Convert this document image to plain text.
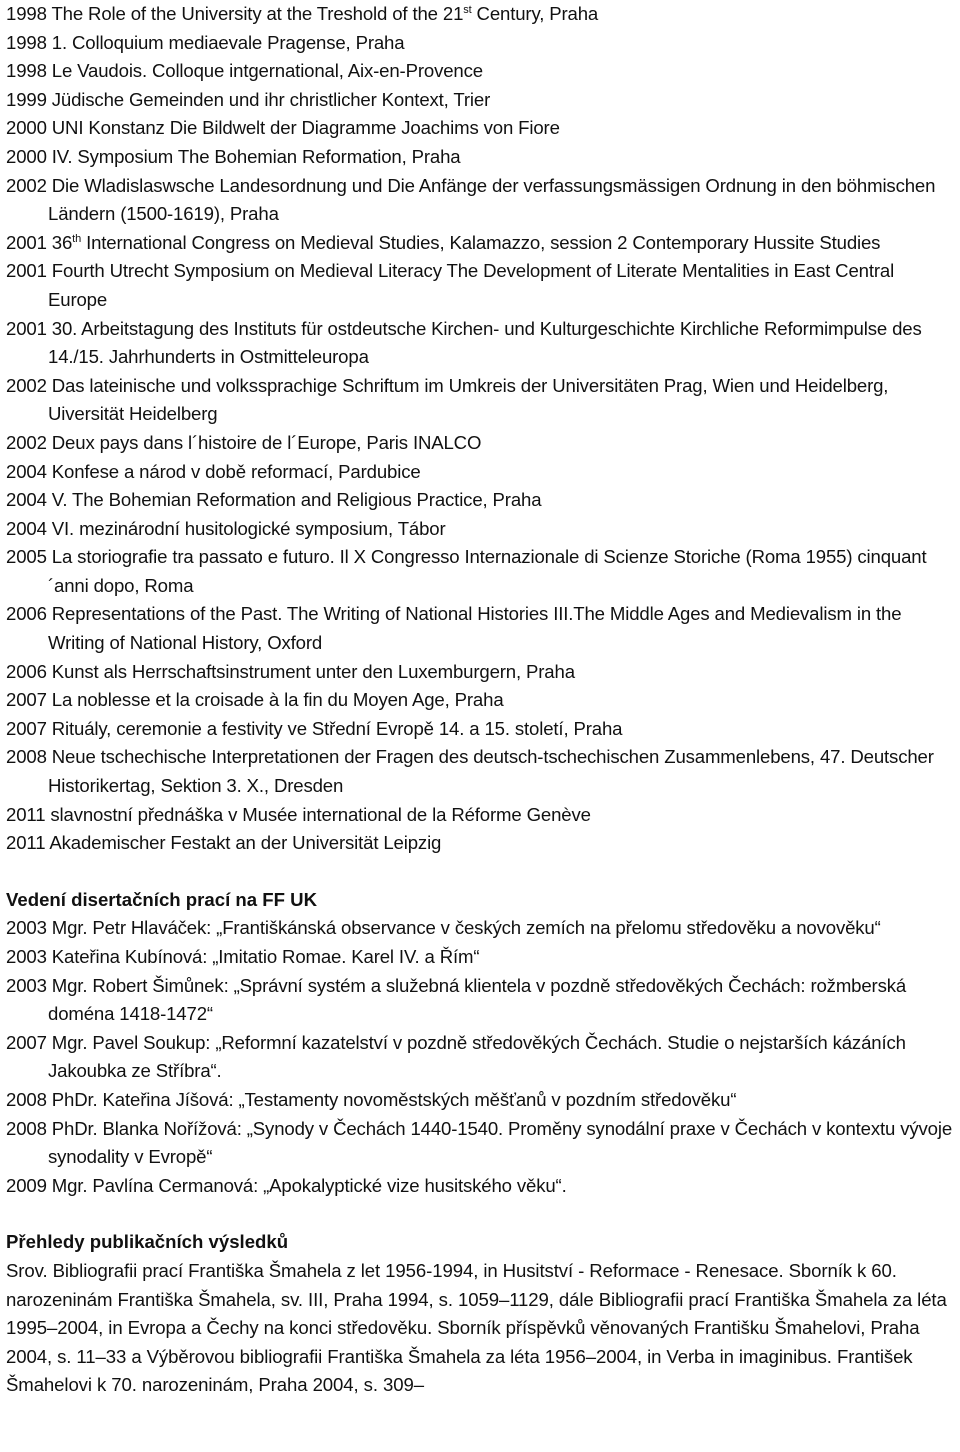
1998 The Role of the University at the Treshold of the 21st Century, Praha
1998 1. Colloquium mediaevale Pragense, Praha
1998 Le Vaudois. Colloque intgernational, Aix-en-Provence
1999 Jüdische Gemeinden und ihr christlicher Kontext, Trier
2000 UNI Konstanz Die Bildwelt der Diagramme Joachims von Fiore
2000 IV. Symposium The Bohemian Reformation, Praha
2002 Die Wladislaswsche Landesordnung und Die Anfänge der verfassungsmässigen Ordnung in den böhmischen Ländern (1500-1619), Praha
2001 36th International Congress on Medieval Studies, Kalamazzo, session 2 Contemporary Hussite Studies
2001 Fourth Utrecht Symposium on Medieval Literacy The Development of Literate Mentalities in East Central Europe
2001 30. Arbeitstagung des Instituts für ostdeutsche Kirchen- und Kulturgeschichte Kirchliche Reformimpulse des 14./15. Jahrhunderts in Ostmitteleuropa
2002 Das lateinische und volkssprachige Schriftum im Umkreis der Universitäten Prag, Wien und Heidelberg, Uiversität Heidelberg
2002 Deux pays dans l´histoire de l´Europe, Paris INALCO
2004 Konfese a národ v době reformací, Pardubice
2004 V. The Bohemian Reformation and Religious Practice, Praha
2004 VI. mezinárodní husitologické symposium, Tábor
2005 La storiografie tra passato e futuro. Il X Congresso Internazionale di Scienze Storiche (Roma 1955) cinquant´anni dopo, Roma
2006 Representations of the Past. The Writing of National Histories III.The Middle Ages and Medievalism in the Writing of National History, Oxford
2006 Kunst als Herrschaftsinstrument unter den Luxemburgern, Praha
2007 La noblesse et la croisade à la fin du Moyen Age, Praha
2007 Rituály, ceremonie a festivity ve Střední Evropě 14. a 15. století, Praha
2008 Neue tschechische Interpretationen der Fragen des deutsch-tschechischen Zusammenlebens, 47. Deutscher Historikertag, Sektion 3. X., Dresden
2011 slavnostní přednáška v Musée international de la Réforme Genève
2011 Akademischer Festakt an der Universität Leipzig
Vedení disertačních prací na FF UK
2003 Mgr. Petr Hlaváček: „Františkánská observance v českých zemích na přelomu středověku a novověku“
2003 Kateřina Kubínová: „Imitatio Romae. Karel IV. a Řím“
2003 Mgr. Robert Šimůnek: „Správní systém a služebná klientela v pozdně středověkých Čechách: rožmberská doména 1418-1472“
2007 Mgr. Pavel Soukup: „Reformní kazatelství v pozdně středověkých Čechách. Studie o nejstarších kázáních Jakoubka ze Stříbra“.
2008 PhDr. Kateřina Jíšová: „Testamenty novoměstských měšťanů v pozdním středověku“
2008 PhDr. Blanka Nořížová: „Synody v Čechách 1440-1540. Proměny synodální praxe v Čechách v kontextu vývoje synodality v Evropě“
2009 Mgr. Pavlína Cermanová: „Apokalyptické vize husitského věku“.
Přehledy publikačních výsledků
Srov. Bibliografii prací Františka Šmahela z let 1956-1994, in Husitství - Reformace - Renesace. Sborník k 60. narozeninám Františka Šmahela, sv. III, Praha 1994, s. 1059–1129, dále Bibliografii prací Františka Šmahela za léta 1995–2004, in Evropa a Čechy na konci středověku. Sborník příspěvků věnovaných Františku Šmahelovi, Praha 2004, s. 11–33 a Výběrovou bibliografii Františka Šmahela za léta 1956–2004, in Verba in imaginibus. František Šmahelovi k 70. narozeninám, Praha 2004, s. 309–
